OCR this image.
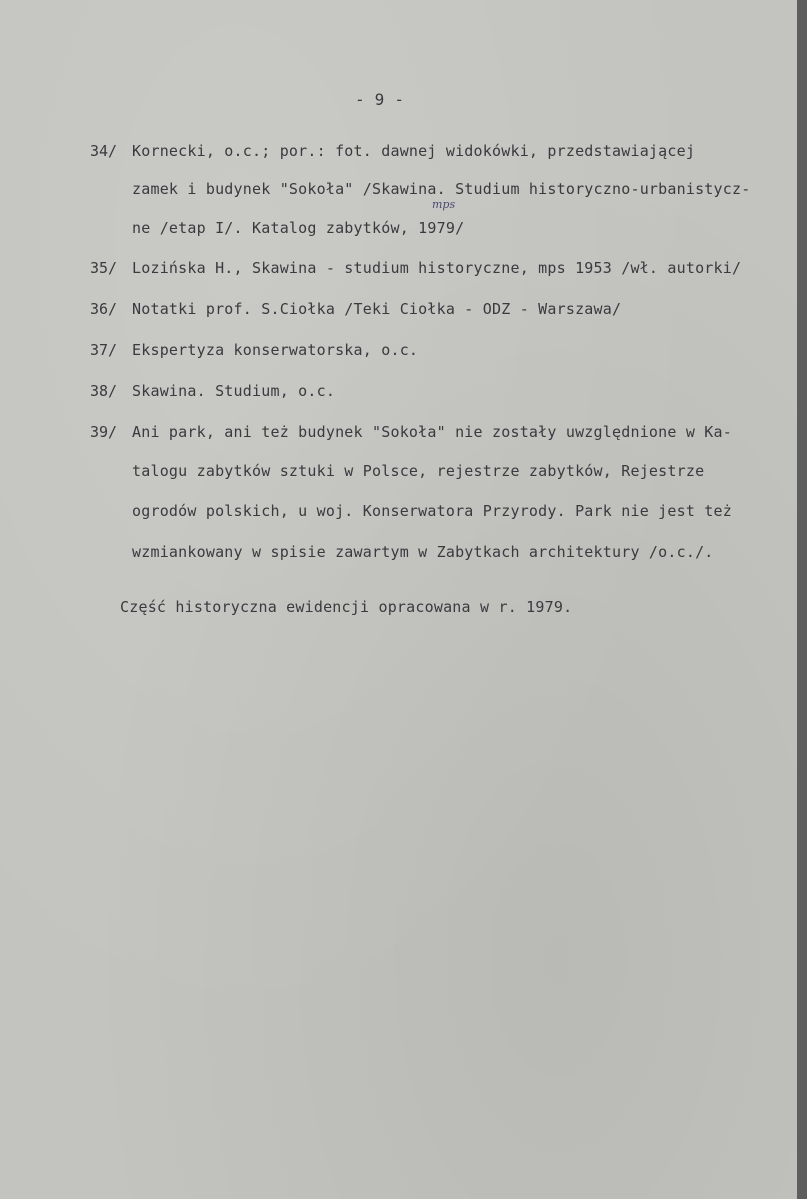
- 9 -
34/ Kornecki, o.c.; por.: fot. dawnej widokówki, przedstawiającej
zamek i budynek "Sokoła" /Skawina. Studium historyczno-urbanistycz-
ne /etap I/. Katalog zabytków, 1979/
mps
35/ Lozińska H., Skawina - studium historyczne, mps 1953 /wł. autorki/
36/ Notatki prof. S.Ciołka /Teki Ciołka - ODZ - Warszawa/
37/ Ekspertyza konserwatorska, o.c.
38/ Skawina. Studium, o.c.
39/ Ani park, ani też budynek "Sokoła" nie zostały uwzględnione w Ka-
talogu zabytków sztuki w Polsce, rejestrze zabytków, Rejestrze
ogrodów polskich, u woj. Konserwatora Przyrody. Park nie jest też
wzmiankowany w spisie zawartym w Zabytkach architektury /o.c./.
Część historyczna ewidencji opracowana w r. 1979.
